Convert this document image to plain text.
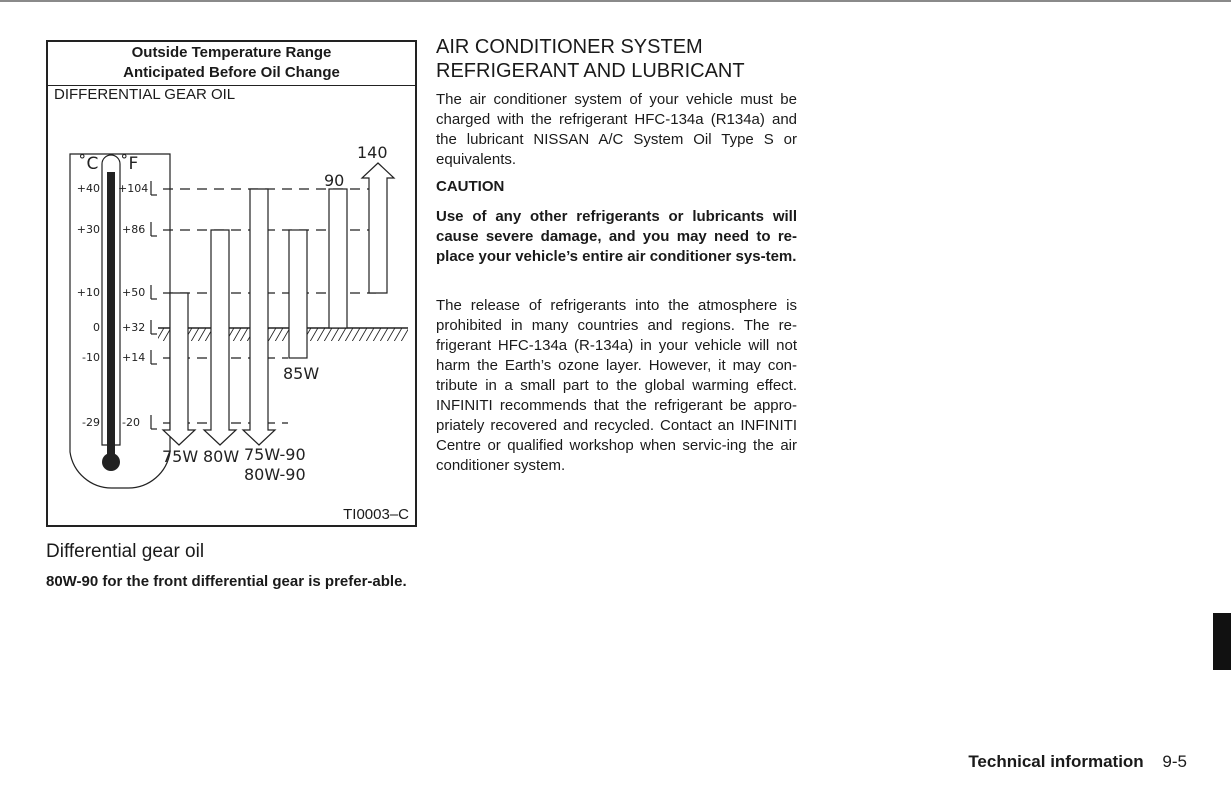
Outside Temperature Range
Anticipated Before Oil Change
DIFFERENTIAL GEAR OIL
˚C ˚F
+40 +104
+30 +86
+10 +50
0 +32
-10 +14
-29 -20
75W 80W 75W-90
80W-90
85W
90
140
TI0003–C
Differential gear oil
80W-90 for the front differential gear is prefer-able.
AIR CONDITIONER SYSTEM
REFRIGERANT AND LUBRICANT
The air conditioner system of your vehicle must be charged with the refrigerant HFC-134a (R134a) and the lubricant NISSAN A/C System Oil Type S or equivalents.
CAUTION
Use of any other refrigerants or lubricants will cause severe damage, and you may need to re-place your vehicle’s entire air conditioner sys-tem.
The release of refrigerants into the atmosphere is prohibited in many countries and regions. The re-frigerant HFC-134a (R-134a) in your vehicle will not harm the Earth’s ozone layer. However, it may con-tribute in a small part to the global warming effect. INFINITI recommends that the refrigerant be appro-priately recovered and recycled. Contact an INFINITI Centre or qualified workshop when servic-ing the air conditioner system.
Technical information 9-5
